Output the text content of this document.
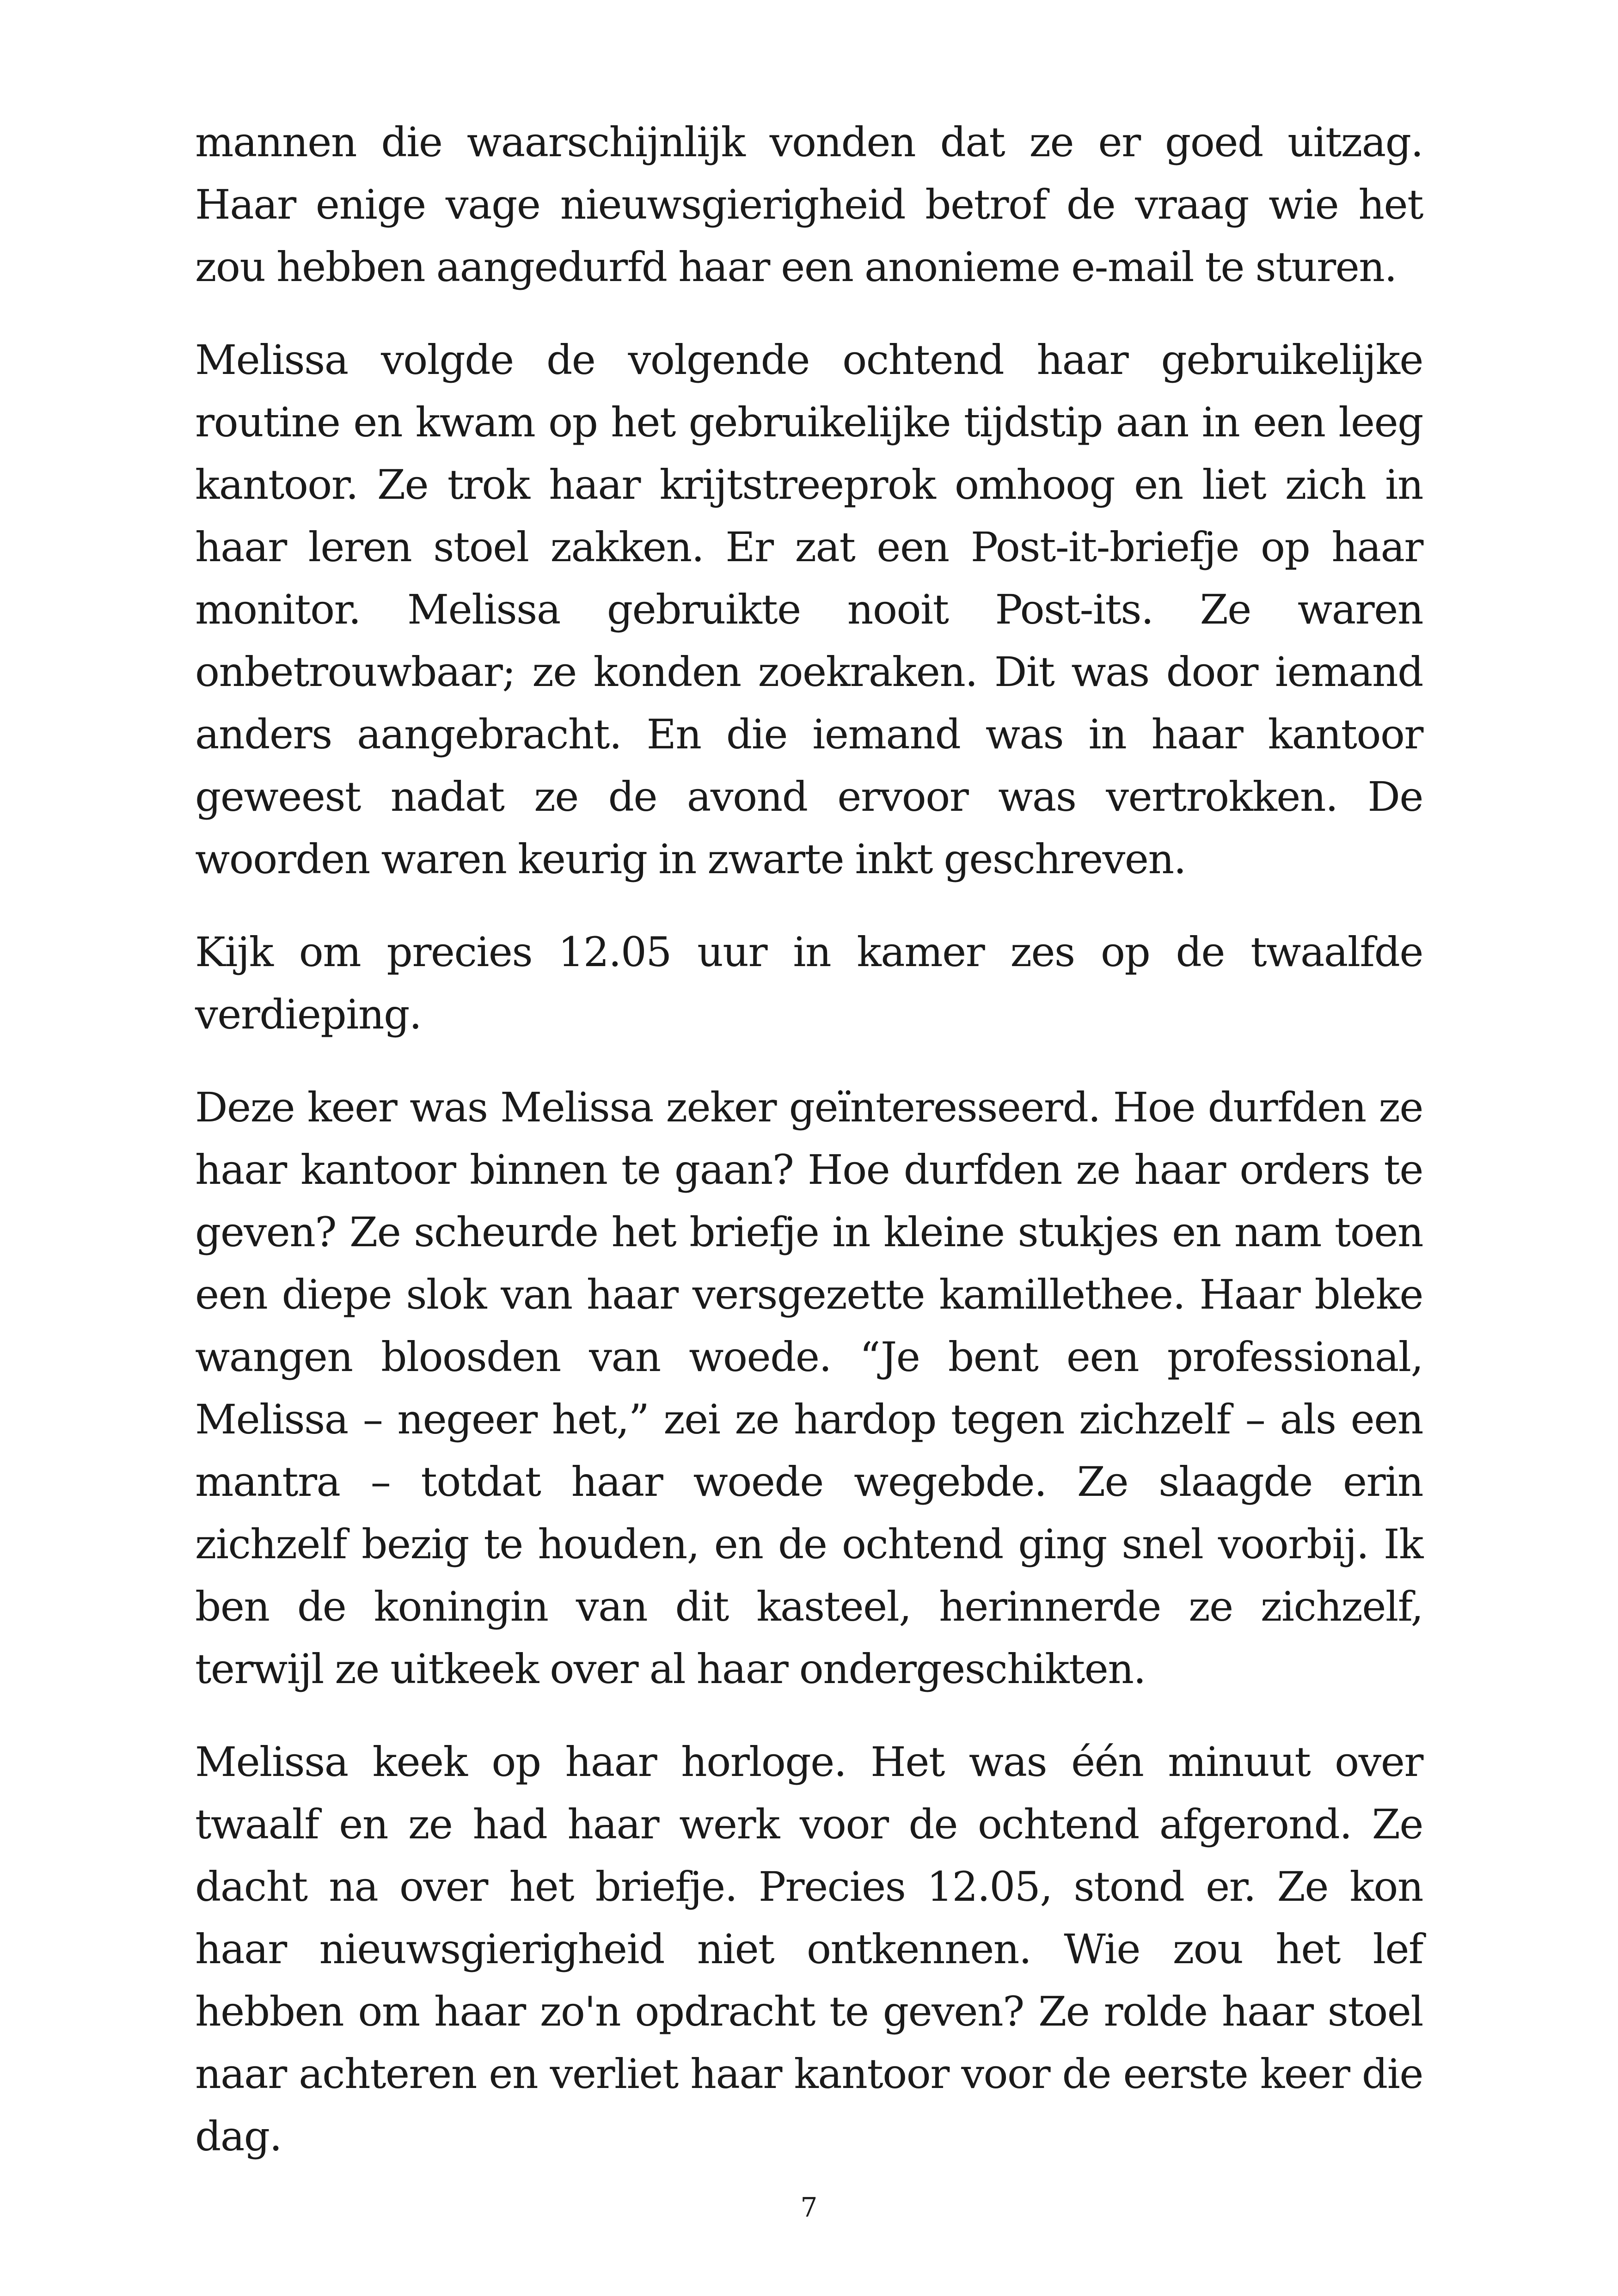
mannen die waarschijnlijk vonden dat ze er goed uitzag. Haar enige vage nieuwsgierigheid betrof de vraag wie het zou hebben aangedurfd haar een anonieme e-mail te sturen.

Melissa volgde de volgende ochtend haar gebruikelijke routine en kwam op het gebruikelijke tijdstip aan in een leeg kantoor. Ze trok haar krijtstreeprok omhoog en liet zich in haar leren stoel zakken. Er zat een Post-it-briefje op haar monitor. Melissa gebruikte nooit Post-its. Ze waren onbetrouwbaar; ze konden zoekraken. Dit was door iemand anders aangebracht. En die iemand was in haar kantoor geweest nadat ze de avond ervoor was vertrokken. De woorden waren keurig in zwarte inkt geschreven.

Kijk om precies 12.05 uur in kamer zes op de twaalfde verdieping.

Deze keer was Melissa zeker geïnteresseerd. Hoe durfden ze haar kantoor binnen te gaan? Hoe durfden ze haar orders te geven? Ze scheurde het briefje in kleine stukjes en nam toen een diepe slok van haar versgezette kamillethee. Haar bleke wangen bloosden van woede. “Je bent een professional, Melissa – negeer het,” zei ze hardop tegen zichzelf – als een mantra – totdat haar woede wegebde. Ze slaagde erin zichzelf bezig te houden, en de ochtend ging snel voorbij. Ik ben de koningin van dit kasteel, herinnerde ze zichzelf, terwijl ze uitkeek over al haar ondergeschikten.

Melissa keek op haar horloge. Het was één minuut over twaalf en ze had haar werk voor de ochtend afgerond. Ze dacht na over het briefje. Precies 12.05, stond er. Ze kon haar nieuwsgierigheid niet ontkennen. Wie zou het lef hebben om haar zo'n opdracht te geven? Ze rolde haar stoel naar achteren en verliet haar kantoor voor de eerste keer die dag.

7
